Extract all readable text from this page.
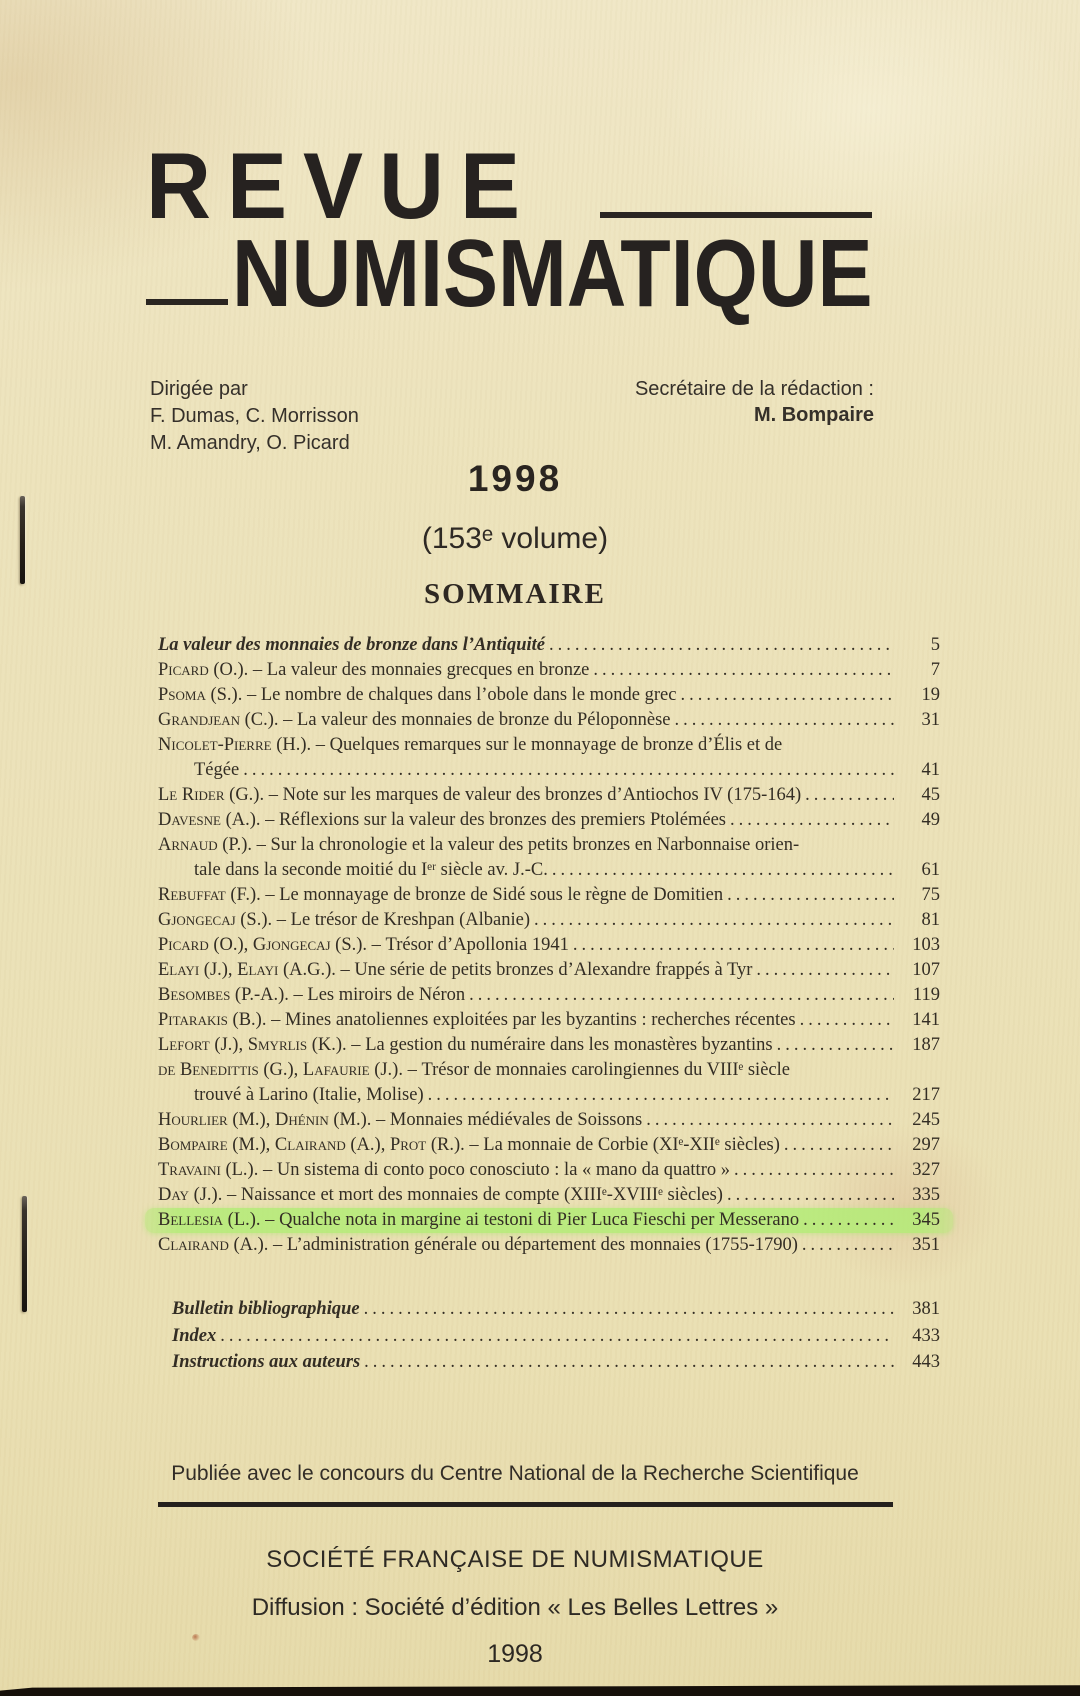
REVUE
NUMISMATIQUE
Dirigée par
F. Dumas, C. Morrisson
M. Amandry, O. Picard
Secrétaire de la rédaction :
M. Bompaire
1998
(153ᵉ volume)
SOMMAIRE
La valeur des monnaies de bronze dans l’Antiquité .....	5
Picard (O.). – La valeur des monnaies grecques en bronze .....	7
Psoma (S.). – Le nombre de chalques dans l’obole dans le monde grec .....	19
Grandjean (C.). – La valeur des monnaies de bronze du Péloponnèse .....	31
Nicolet-Pierre (H.). – Quelques remarques sur le monnayage de bronze d’Élis et de
Tégée .....	41
Le Rider (G.). – Note sur les marques de valeur des bronzes d’Antiochos IV (175-164) .....	45
Davesne (A.). – Réflexions sur la valeur des bronzes des premiers Ptolémées .....	49
Arnaud (P.). – Sur la chronologie et la valeur des petits bronzes en Narbonnaise orien-
tale dans la seconde moitié du Iᵉʳ siècle av. J.-C. .....	61
Rebuffat (F.). – Le monnayage de bronze de Sidé sous le règne de Domitien .....	75
Gjongecaj (S.). – Le trésor de Kreshpan (Albanie) .....	81
Picard (O.), Gjongecaj (S.). – Trésor d’Apollonia 1941 .....	103
Elayi (J.), Elayi (A.G.). – Une série de petits bronzes d’Alexandre frappés à Tyr .....	107
Besombes (P.-A.). – Les miroirs de Néron .....	119
Pitarakis (B.). – Mines anatoliennes exploitées par les byzantins : recherches récentes .....	141
Lefort (J.), Smyrlis (K.). – La gestion du numéraire dans les monastères byzantins .....	187
de Benedittis (G.), Lafaurie (J.). – Trésor de monnaies carolingiennes du VIIIᵉ siècle
trouvé à Larino (Italie, Molise) .....	217
Hourlier (M.), Dhénin (M.). – Monnaies médiévales de Soissons .....	245
Bompaire (M.), Clairand (A.), Prot (R.). – La monnaie de Corbie (XIᵉ-XIIᵉ siècles) .....	297
Travaini (L.). – Un sistema di conto poco conosciuto : la « mano da quattro » .....	327
Day (J.). – Naissance et mort des monnaies de compte (XIIIᵉ-XVIIIᵉ siècles) .....	335
Bellesia (L.). – Qualche nota in margine ai testoni di Pier Luca Fieschi per Messerano .....	345
Clairand (A.). – L’administration générale ou département des monnaies (1755-1790) .....	351
Bulletin bibliographique .....	381
Index .....	433
Instructions aux auteurs .....	443
Publiée avec le concours du Centre National de la Recherche Scientifique
SOCIÉTÉ FRANÇAISE DE NUMISMATIQUE
Diffusion : Société d’édition « Les Belles Lettres »
1998
